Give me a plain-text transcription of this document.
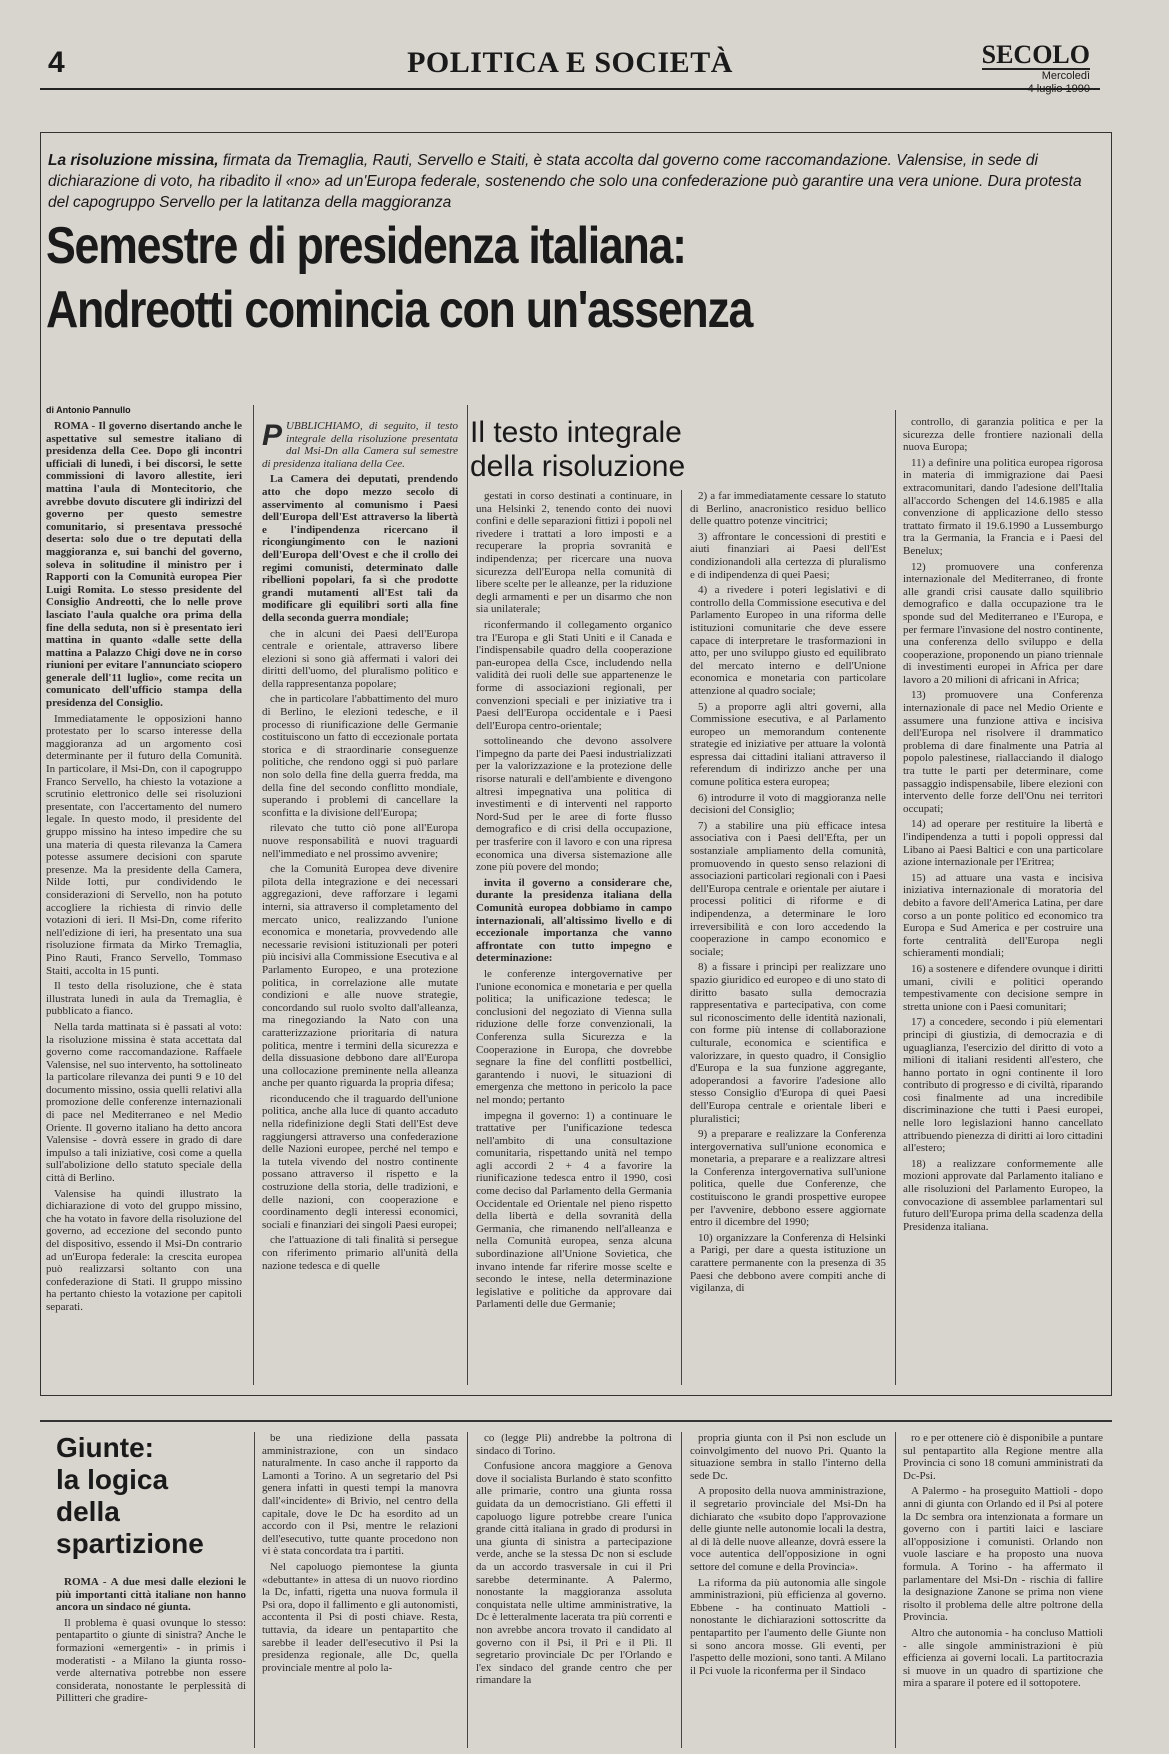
4	POLITICA E SOCIETÀ	SECOLO
Mercoledì
4 luglio 1990
La risoluzione missina, firmata da Tremaglia, Rauti, Servello e Staiti, è stata accolta dal governo come raccomandazione. Valensise, in sede di dichiarazione di voto, ha ribadito il «no» ad un'Europa federale, sostenendo che solo una confederazione può garantire una vera unione. Dura protesta del capogruppo Servello per la latitanza della maggioranza
Semestre di presidenza italiana:
Andreotti comincia con un'assenza
di Antonio Pannullo

ROMA - Il governo disertando anche le aspettative sul semestre italiano di presidenza della Cee. Dopo gli incontri ufficiali di lunedì, i bei discorsi, le sette commissioni di lavoro allestite, ieri mattina l'aula di Montecitorio, che avrebbe dovuto discutere gli indirizzi del governo per questo semestre comunitario, si presentava pressoché deserta: solo due o tre deputati della maggioranza e, sui banchi del governo, soleva in solitudine il ministro per i Rapporti con la Comunità europea Pier Luigi Romita. Lo stesso presidente del Consiglio Andreotti, che lo nelle prove lasciato l'aula qualche ora prima della fine della seduta, non si è presentato ieri mattina in quanto «dalle sette della mattina a Palazzo Chigi dove ne in corso riunioni per evitare l'annunciato sciopero generale dell'11 luglio», come recita un comunicato dell'ufficio stampa della presidenza del Consiglio.

Immediatamente le opposizioni hanno protestato per lo scarso interesse della maggioranza ad un argomento così determinante per il futuro della Comunità. In particolare, il Msi-Dn, con il capogruppo Franco Servello, ha chiesto la votazione a scrutinio elettronico delle sei risoluzioni presentate, con l'accertamento del numero legale. In questo modo, il presidente del gruppo missino ha inteso impedire che su una materia di questa rilevanza la Camera potesse assumere decisioni con sparute presenze. Ma la presidente della Camera, Nilde Iotti, pur condividendo le considerazioni di Servello, non ha potuto accogliere la richiesta di rinvio delle votazioni di ieri. Il Msi-Dn, come riferito nell'edizione di ieri, ha presentato una sua risoluzione firmata da Mirko Tremaglia, Pino Rauti, Franco Servello, Tommaso Staiti, accolta in 15 punti.

Il testo della risoluzione, che è stata illustrata lunedì in aula da Tremaglia, è pubblicato a fianco.

Nella tarda mattinata si è passati al voto: la risoluzione missina è stata accettata dal governo come raccomandazione. Raffaele Valensise, nel suo intervento, ha sottolineato la particolare rilevanza dei punti 9 e 10 del documento missino, ossia quelli relativi alla promozione delle conferenze internazionali di pace nel Mediterraneo e nel Medio Oriente. Il governo italiano ha detto ancora Valensise - dovrà essere in grado di dare impulso a tali iniziative, così come a quella sull'abolizione dello statuto speciale della città di Berlino.

Valensise ha quindi illustrato la dichiarazione di voto del gruppo missino, che ha votato in favore della risoluzione del governo, ad eccezione del secondo punto del dispositivo, essendo il Msi-Dn contrario ad un'Europa federale: la crescita europea può realizzarsi soltanto con una confederazione di Stati. Il gruppo missino ha pertanto chiesto la votazione per capitoli separati.

PUBBLICHIAMO, di seguito, il testo integrale della risoluzione presentata dal Msi-Dn alla Camera sul semestre di presidenza italiana della Cee.

La Camera dei deputati, prendendo atto che dopo mezzo secolo di asservimento al comunismo i Paesi dell'Europa dell'Est attraverso la libertà e l'indipendenza ricercano il ricongiungimento con le nazioni dell'Europa dell'Ovest e che il crollo dei regimi comunisti, determinato dalle ribellioni popolari, fa sì che prodotte grandi mutamenti all'Est tali da modificare gli equilibri sorti alla fine della seconda guerra mondiale;

che in alcuni dei Paesi dell'Europa centrale e orientale, attraverso libere elezioni si sono già affermati i valori dei diritti dell'uomo, del pluralismo politico e della rappresentanza popolare;

che in particolare l'abbattimento del muro di Berlino, le elezioni tedesche, e il processo di riunificazione delle Germanie costituiscono un fatto di eccezionale portata storica e di straordinarie conseguenze politiche, che rendono oggi si può parlare non solo della fine della guerra fredda, ma della fine del secondo conflitto mondiale, superando i problemi di cancellare la sconfitta e la divisione dell'Europa;

rilevato che tutto ciò pone all'Europa nuove responsabilità e nuovi traguardi nell'immediato e nel prossimo avvenire;

che la Comunità Europea deve divenire pilota della integrazione e dei necessari aggregazioni, deve rafforzare i legami interni, sia attraverso il completamento del mercato unico, realizzando l'unione economica e monetaria, provvedendo alle necessarie revisioni istituzionali per poteri più incisivi alla Commissione Esecutiva e al Parlamento Europeo, e una protezione politica, in correlazione alle mutate condizioni e alle nuove strategie, concordando sul ruolo svolto dall'alleanza, ma rinegoziando la Nato con una caratterizzazione prioritaria di natura politica, mentre i termini della sicurezza e della dissuasione debbono dare all'Europa una collocazione preminente nella alleanza anche per quanto riguarda la propria difesa;

riconducendo che il traguardo dell'unione politica, anche alla luce di quanto accaduto nella ridefinizione degli Stati dell'Est deve raggiungersi attraverso una confederazione delle Nazioni europee, perché nel tempo e la tutela vivendo del nostro continente possano attraverso il rispetto e la costruzione della storia, delle tradizioni, e delle nazioni, con cooperazione e coordinamento degli interessi economici, sociali e finanziari dei singoli Paesi europei;

che l'attuazione di tali finalità si persegue con riferimento primario all'unità della nazione tedesca e di quelle

Il testo integrale
della risoluzione

gestati in corso destinati a continuare, in una Helsinki 2, tenendo conto dei nuovi confini e delle separazioni fittizi i popoli nel rivedere i trattati a loro imposti e a recuperare la propria sovranità e indipendenza; per ricercare una nuova sicurezza dell'Europa nella comunità di libere scelte per le alleanze, per la riduzione degli armamenti e per un disarmo che non sia unilaterale;

riconfermando il collegamento organico tra l'Europa e gli Stati Uniti e il Canada e l'indispensabile quadro della cooperazione pan-europea della Csce, includendo nella validità dei ruoli delle sue appartenenze le forme di associazioni regionali, per convenzioni speciali e per iniziative tra i Paesi dell'Europa occidentale e i Paesi dell'Europa centro-orientale;

sottolineando che devono assolvere l'impegno da parte dei Paesi industrializzati per la valorizzazione e la protezione delle risorse naturali e dell'ambiente e divengono altresì impegnativa una politica di investimenti e di interventi nel rapporto Nord-Sud per le aree di forte flusso demografico e di crisi della occupazione, per trasferire con il lavoro e con una ripresa economica una diversa sistemazione alle zone più povere del mondo;

invita il governo a considerare che, durante la presidenza italiana della Comunità europea dobbiamo in campo internazionali, all'altissimo livello e di eccezionale importanza che vanno affrontate con tutto impegno e determinazione:

le conferenze intergovernative per l'unione economica e monetaria e per quella politica; la unificazione tedesca; le conclusioni del negoziato di Vienna sulla riduzione delle forze convenzionali, la Conferenza sulla Sicurezza e la Cooperazione in Europa, che dovrebbe segnare la fine del conflitti postbellici, garantendo i nuovi, le situazioni di emergenza che mettono in pericolo la pace nel mondo; pertanto

impegna il governo: 1) a continuare le trattative per l'unificazione tedesca nell'ambito di una consultazione comunitaria, rispettando unità nel tempo agli accordi 2 + 4 a favorire la riunificazione tedesca entro il 1990, così come deciso dal Parlamento della Germania Occidentale ed Orientale nel pieno rispetto della libertà e della sovranità della Germania, che rimanendo nell'alleanza e nella Comunità europea, senza alcuna subordinazione all'Unione Sovietica, che invano intende far riferire mosse scelte e secondo le intese, nella determinazione legislative e politiche da approvare dai Parlamenti delle due Germanie;

2) a far immediatamente cessare lo statuto di Berlino, anacronistico residuo bellico delle quattro potenze vincitrici;

3) affrontare le concessioni di prestiti e aiuti finanziari ai Paesi dell'Est condizionandoli alla certezza di pluralismo e di indipendenza di quei Paesi;

4) a rivedere i poteri legislativi e di controllo della Commissione esecutiva e del Parlamento Europeo in una riforma delle istituzioni comunitarie che deve essere capace di interpretare le trasformazioni in atto, per uno sviluppo giusto ed equilibrato del mercato interno e dell'Unione economica e monetaria con particolare attenzione al quadro sociale;

5) a proporre agli altri governi, alla Commissione esecutiva, e al Parlamento europeo un memorandum contenente strategie ed iniziative per attuare la volontà espressa dai cittadini italiani attraverso il referendum di indirizzo anche per una comune politica estera europea;

6) introdurre il voto di maggioranza nelle decisioni del Consiglio;

7) a stabilire una più efficace intesa associativa con i Paesi dell'Efta, per un sostanziale ampliamento della comunità, promuovendo in questo senso relazioni di associazioni particolari regionali con i Paesi dell'Europa centrale e orientale per aiutare i processi politici di riforme e di indipendenza, a determinare le loro irreversibilità e con loro accedendo la cooperazione in campo economico e sociale;

8) a fissare i principi per realizzare uno spazio giuridico ed europeo e di uno stato di diritto basato sulla democrazia rappresentativa e partecipativa, con come sul riconoscimento delle identità nazionali, con forme più intense di collaborazione culturale, economica e scientifica e valorizzare, in questo quadro, il Consiglio d'Europa e la sua funzione aggregante, adoperandosi a favorire l'adesione allo stesso Consiglio d'Europa di quei Paesi dell'Europa centrale e orientale liberi e pluralistici;

9) a preparare e realizzare la Conferenza intergovernativa sull'unione economica e monetaria, a preparare e a realizzare altresì la Conferenza intergovernativa sull'unione politica, quelle due Conferenze, che costituiscono le grandi prospettive europee per l'avvenire, debbono essere aggiornate entro il dicembre del 1990;

10) organizzare la Conferenza di Helsinki a Parigi, per dare a questa istituzione un carattere permanente con la presenza di 35 Paesi che debbono avere compiti anche di vigilanza, di

controllo, di garanzia politica e per la sicurezza delle frontiere nazionali della nuova Europa;

11) a definire una politica europea rigorosa in materia di immigrazione dai Paesi extracomunitari, dando l'adesione dell'Italia all'accordo Schengen del 14.6.1985 e alla convenzione di applicazione dello stesso trattato firmato il 19.6.1990 a Lussemburgo tra la Germania, la Francia e i Paesi del Benelux;

12) promuovere una conferenza internazionale del Mediterraneo, di fronte alle grandi crisi causate dallo squilibrio demografico e dalla occupazione tra le sponde sud del Mediterraneo e l'Europa, e per fermare l'invasione del nostro continente, una conferenza dello sviluppo e della cooperazione, proponendo un piano triennale di investimenti europei in Africa per dare lavoro a 20 milioni di africani in Africa;

13) promuovere una Conferenza internazionale di pace nel Medio Oriente e assumere una funzione attiva e incisiva dell'Europa nel risolvere il drammatico problema di dare finalmente una Patria al popolo palestinese, riallacciando il dialogo tra tutte le parti per determinare, come passaggio indispensabile, libere elezioni con intervento delle forze dell'Onu nei territori occupati;

14) ad operare per restituire la libertà e l'indipendenza a tutti i popoli oppressi dal Libano ai Paesi Baltici e con una particolare azione internazionale per l'Eritrea;

15) ad attuare una vasta e incisiva iniziativa internazionale di moratoria del debito a favore dell'America Latina, per dare corso a un ponte politico ed economico tra Europa e Sud America e per costruire una forte centralità dell'Europa negli schieramenti mondiali;

16) a sostenere e difendere ovunque i diritti umani, civili e politici operando tempestivamente con decisione sempre in stretta unione con i Paesi comunitari;

17) a concedere, secondo i più elementari principi di giustizia, di democrazia e di uguaglianza, l'esercizio del diritto di voto a milioni di italiani residenti all'estero, che hanno portato in ogni continente il loro contributo di progresso e di civiltà, riparando così finalmente ad una incredibile discriminazione che tutti i Paesi europei, nelle loro legislazioni hanno cancellato attribuendo pienezza di diritti ai loro cittadini all'estero;

18) a realizzare conformemente alle mozioni approvate dal Parlamento italiano e alle risoluzioni del Parlamento Europeo, la convocazione di assemblee parlamentari sul futuro dell'Europa prima della scadenza della Presidenza italiana.

Giunte:
la logica
della
spartizione

ROMA - A due mesi dalle elezioni le più importanti città italiane non hanno ancora un sindaco né giunta.

Il problema è quasi ovunque lo stesso: pentapartito o giunte di sinistra? Anche le formazioni «emergenti» - in primis i moderatisti - a Milano la giunta rosso-verde alternativa potrebbe non essere considerata, nonostante le perplessità di Pillitteri che gradire-

be una riedizione della passata amministrazione, con un sindaco naturalmente. In caso anche il rapporto da Lamonti a Torino. A un segretario del Psi genera infatti in questi tempi la manovra dall'«incidente» di Brivio, nel centro della capitale, dove le Dc ha esordito ad un accordo con il Psi, mentre le relazioni dell'esecutivo, tutte quante procedono non vi è stata concordata tra i partiti.

Nel capoluogo piemontese la giunta «debuttante» in attesa di un nuovo riordino la Dc, infatti, rigetta una nuova formula il Psi ora, dopo il fallimento e gli autonomisti, accontenta il Psi di posti chiave. Resta, tuttavia, da ideare un pentapartito che sarebbe il leader dell'esecutivo il Psi la presidenza regionale, alle Dc, quella provinciale mentre al polo la-

co (legge Pli) andrebbe la poltrona di sindaco di Torino.

Confusione ancora maggiore a Genova dove il socialista Burlando è stato sconfitto alle primarie, contro una giunta rossa guidata da un democristiano. Gli effetti il capoluogo ligure potrebbe creare l'unica grande città italiana in grado di prodursi in una giunta di sinistra a partecipazione verde, anche se la stessa Dc non si esclude da un accordo trasversale in cui il Pri sarebbe determinante. A Palermo, nonostante la maggioranza assoluta conquistata nelle ultime amministrative, la Dc è letteralmente lacerata tra più correnti e non avrebbe ancora trovato il candidato al governo con il Psi, il Pri e il Pli. Il segretario provinciale Dc per l'Orlando e l'ex sindaco del grande centro che per rimandare la

propria giunta con il Psi non esclude un coinvolgimento del nuovo Pri. Quanto la situazione sembra in stallo l'interno della sede Dc.

A proposito della nuova amministrazione, il segretario provinciale del Msi-Dn ha dichiarato che «subito dopo l'approvazione delle giunte nelle autonomie locali la destra, al di là delle nuove alleanze, dovrà essere la voce autentica dell'opposizione in ogni settore del comune e della Provincia».

La riforma da più autonomia alle singole amministrazioni, più efficienza al governo. Ebbene - ha continuato Mattioli - nonostante le dichiarazioni sottoscritte da pentapartito per l'aumento delle Giunte non si sono ancora mosse. Gli eventi, per l'aspetto delle mozioni, sono tanti. A Milano il Pci vuole la riconferma per il Sindaco

ro e per ottenere ciò è disponibile a puntare sul pentapartito alla Regione mentre alla Provincia ci sono 18 comuni amministrati da Dc-Psi.

A Palermo - ha proseguito Mattioli - dopo anni di giunta con Orlando ed il Psi al potere la Dc sembra ora intenzionata a formare un governo con i partiti laici e lasciare all'opposizione i comunisti. Orlando non vuole lasciare e ha proposto una nuova formula. A Torino - ha affermato il parlamentare del Msi-Dn - rischia di fallire la designazione Zanone se prima non viene risolto il problema delle altre poltrone della Provincia.

Altro che autonomia - ha concluso Mattioli - alle singole amministrazioni è più efficienza ai governi locali. La partitocrazia si muove in un quadro di spartizione che mira a sparare il potere ed il sottopotere.
